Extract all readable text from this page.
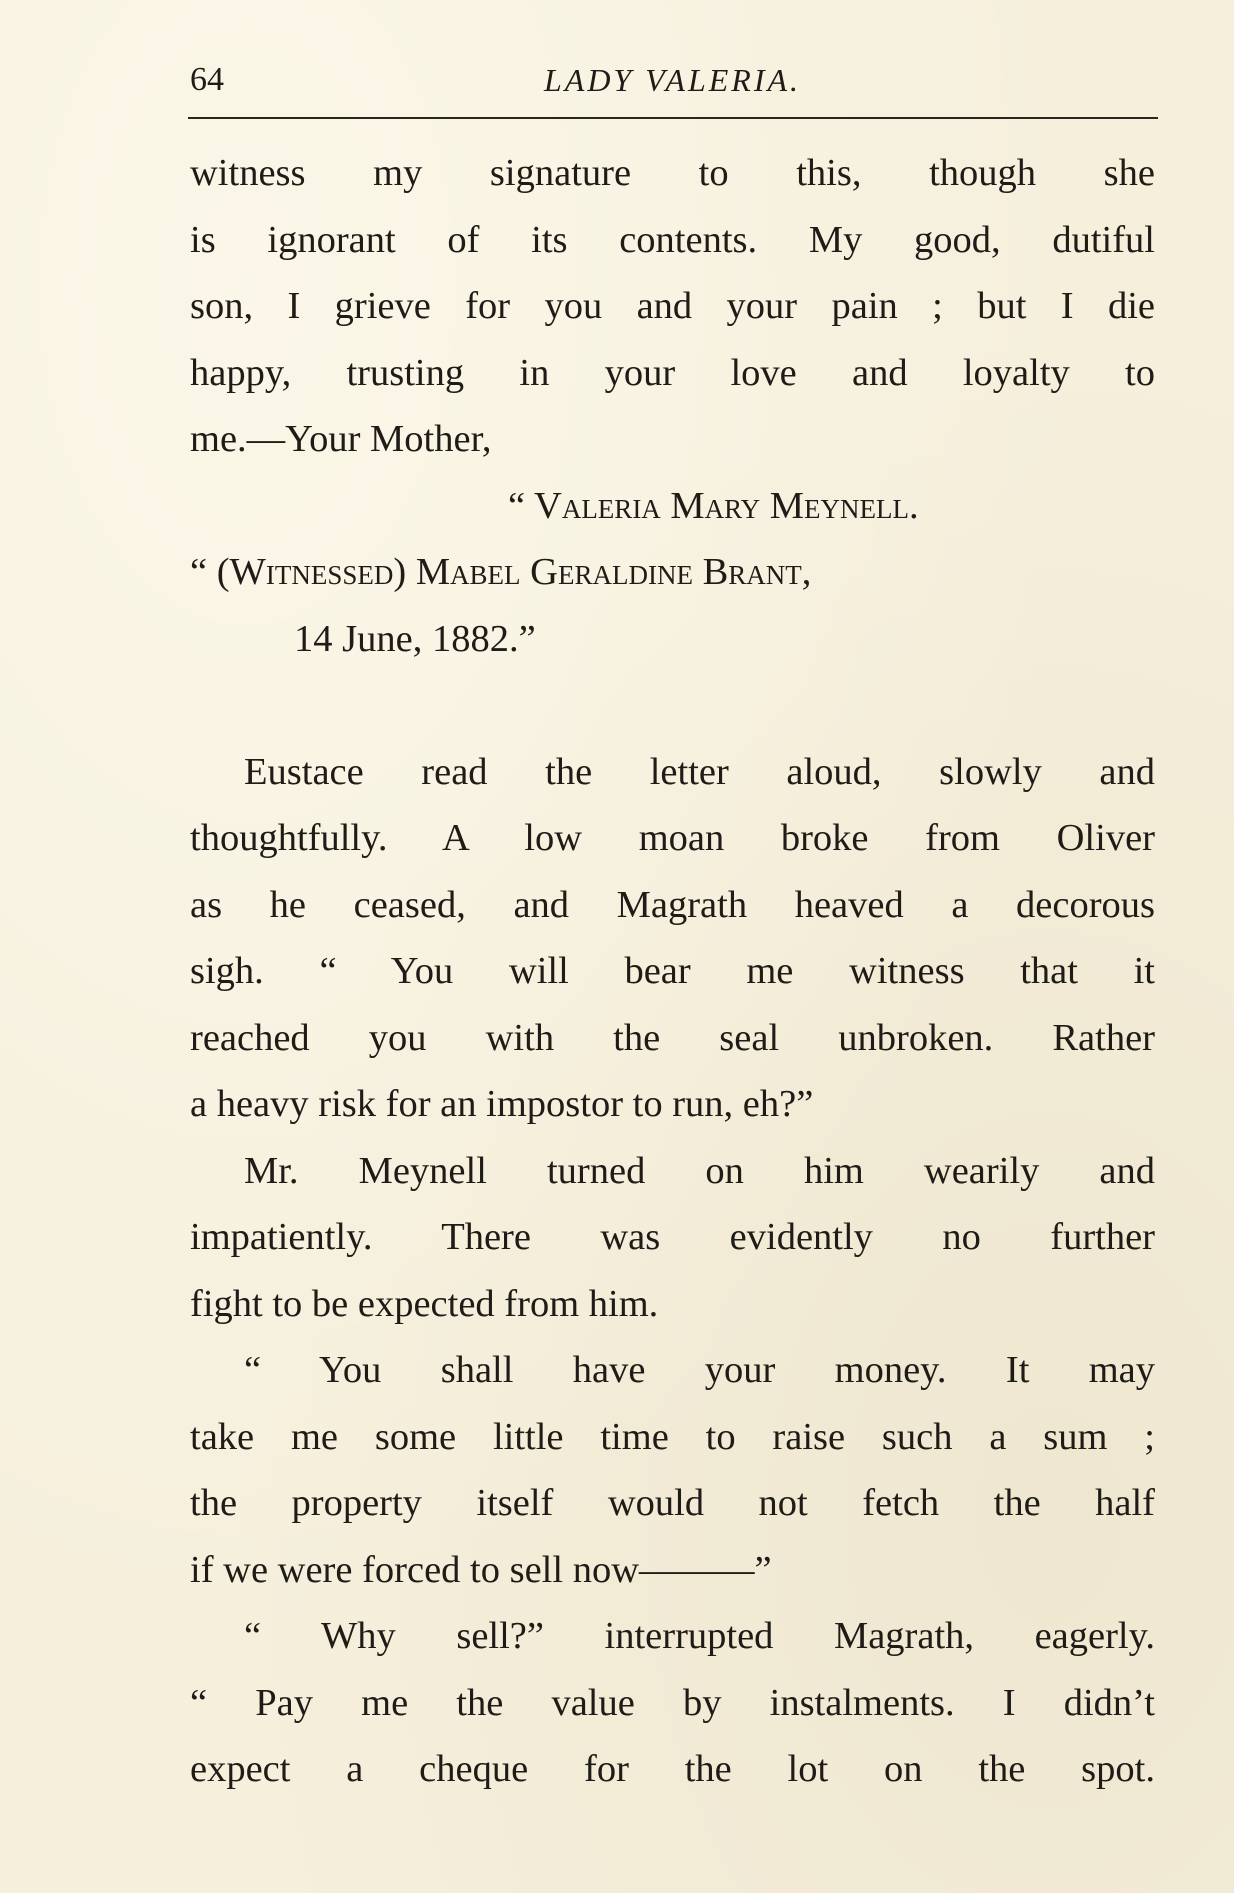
64	LADY VALERIA.
witness my signature to this, though she
is ignorant of its contents. My good, dutiful
son, I grieve for you and your pain ; but I die
happy, trusting in your love and loyalty to
me.—Your Mother,
“ Valeria Mary Meynell.
“ (Witnessed) Mabel Geraldine Brant,
14 June, 1882.”
Eustace read the letter aloud, slowly and
thoughtfully. A low moan broke from Oliver
as he ceased, and Magrath heaved a decorous
sigh. “ You will bear me witness that it
reached you with the seal unbroken. Rather
a heavy risk for an impostor to run, eh?”
Mr. Meynell turned on him wearily and
impatiently. There was evidently no further
fight to be expected from him.
“ You shall have your money. It may
take me some little time to raise such a sum ;
the property itself would not fetch the half
if we were forced to sell now———”
“ Why sell?” interrupted Magrath, eagerly.
“ Pay me the value by instalments. I didn’t
expect a cheque for the lot on the spot.
